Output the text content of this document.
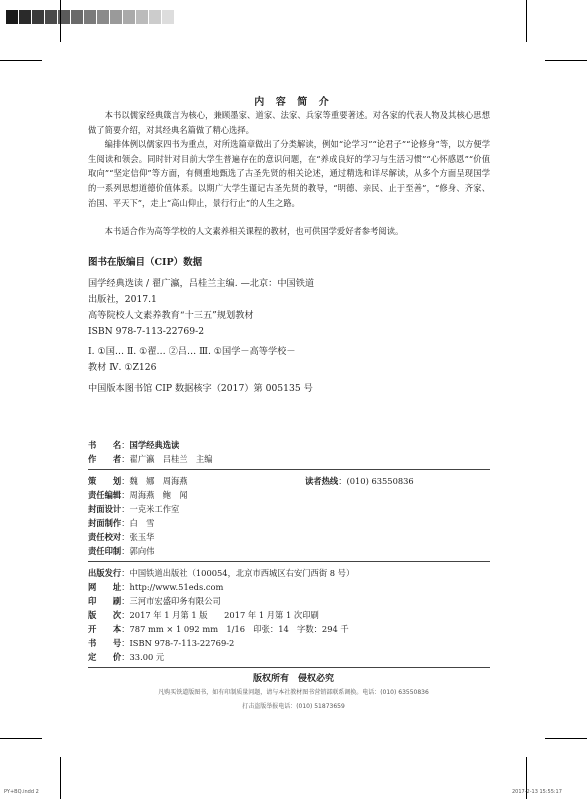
内 容 简 介
本书以儒家经典箴言为核心，兼顾墨家、道家、法家、兵家等重要著述。对各家的代表人物及其核心思想做了简要介绍，对其经典名篇做了精心选择。
编排体例以儒家四书为重点，对所选篇章做出了分类解读，例如“论学习”“论君子”“论修身”等，以方便学生阅读和领会。同时针对目前大学生普遍存在的意识问题，在“养成良好的学习与生活习惯”“心怀感恩”“价值取向”“坚定信仰”等方面，有侧重地甄选了古圣先贤的相关论述，通过精选和详尽解读，从多个方面呈现国学的一系列思想道德价值体系。以期广大学生谨记古圣先贤的教导，“明德、亲民、止于至善”，“修身、齐家、治国、平天下”，走上“高山仰止，景行行止”的人生之路。
本书适合作为高等学校的人文素养相关课程的教材，也可供国学爱好者参考阅读。
图书在版编目（CIP）数据
国学经典选读 / 翟广瀛，吕桂兰主编. —北京：中国铁道
出版社，2017.1
高等院校人文素养教育“十三五”规划教材
ISBN 978-7-113-22769-2
Ⅰ. ①国… Ⅱ. ①翟… ②吕… Ⅲ. ①国学－高等学校－
教材 Ⅳ. ①Z126
中国版本图书馆 CIP 数据核字（2017）第 005135 号
书　　名：国学经典选读
作　　者：翟广瀛　吕桂兰　主编
策　　划：魏　娜　周海燕	读者热线：(010) 63550836
责任编辑：周海燕　鲍　闻
封面设计：一克米工作室
封面制作：白　雪
责任校对：张玉华
责任印制：郭向伟
出版发行：中国铁道出版社（100054，北京市西城区右安门西街 8 号）
网　　址：http://www.51eds.com
印　　刷：三河市宏盛印务有限公司
版　　次：2017 年 1 月第 1 版　　2017 年 1 月第 1 次印刷
开　　本：787 mm × 1 092 mm　1/16　印张：14　字数：294 千
书　　号：ISBN 978-7-113-22769-2
定　　价：33.00 元
版权所有　侵权必究
凡购买铁道版图书，如有印制质量问题，请与本社教材图书营销部联系调换。电话：(010) 63550836
打击盗版举报电话：(010) 51873659
PY+BQ.indd 2	2017-2-13 15:55:17
